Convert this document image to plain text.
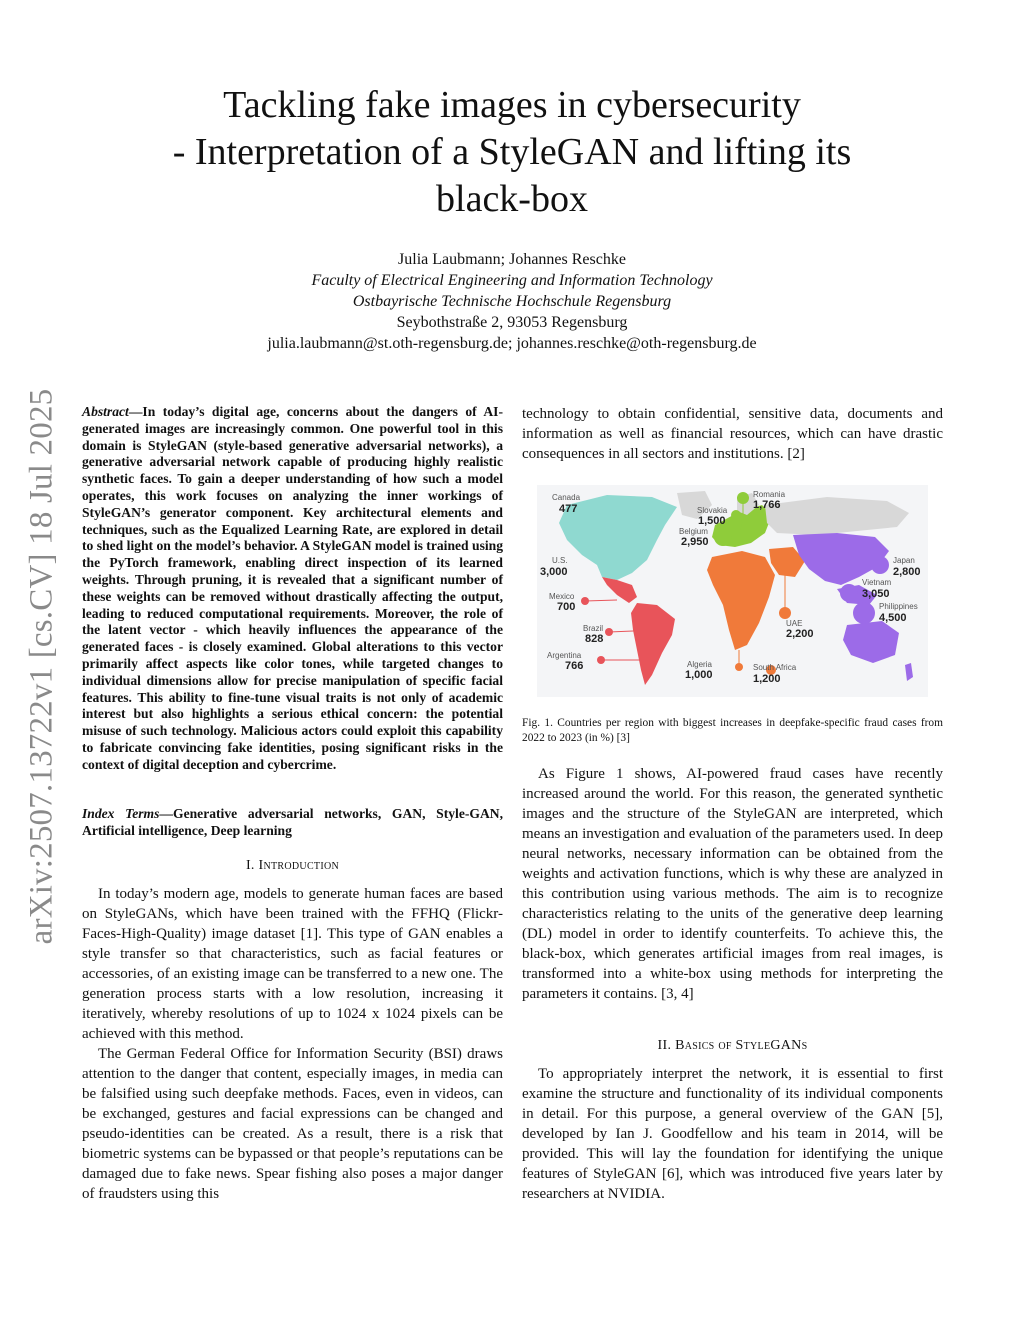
arXiv:2507.13722v1 [cs.CV] 18 Jul 2025
Tackling fake images in cybersecurity
- Interpretation of a StyleGAN and lifting its
black-box
Julia Laubmann; Johannes Reschke
Faculty of Electrical Engineering and Information Technology
Ostbayrische Technische Hochschule Regensburg
Seybothstraße 2, 93053 Regensburg
julia.laubmann@st.oth-regensburg.de; johannes.reschke@oth-regensburg.de

Abstract—In today’s digital age, concerns about the dangers of AI-generated images are increasingly common. One powerful tool in this domain is StyleGAN (style-based generative adversarial networks), a generative adversarial network capable of producing highly realistic synthetic faces. To gain a deeper understanding of how such a model operates, this work focuses on analyzing the inner workings of StyleGAN’s generator component. Key architectural elements and techniques, such as the Equalized Learning Rate, are explored in detail to shed light on the model’s behavior. A StyleGAN model is trained using the PyTorch framework, enabling direct inspection of its learned weights. Through pruning, it is revealed that a significant number of these weights can be removed without drastically affecting the output, leading to reduced computational requirements. Moreover, the role of the latent vector - which heavily influences the appearance of the generated faces - is closely examined. Global alterations to this vector primarily affect aspects like color tones, while targeted changes to individual dimensions allow for precise manipulation of specific facial features. This ability to fine-tune visual traits is not only of academic interest but also highlights a serious ethical concern: the potential misuse of such technology. Malicious actors could exploit this capability to fabricate convincing fake identities, posing significant risks in the context of digital deception and cybercrime.

Index Terms—Generative adversarial networks, GAN, Style-GAN, Artificial intelligence, Deep learning

I. Introduction

In today’s modern age, models to generate human faces are based on StyleGANs, which have been trained with the FFHQ (Flickr-Faces-High-Quality) image dataset [1]. This type of GAN enables a style transfer so that characteristics, such as facial features or accessories, of an existing image can be transferred to a new one. The generation process starts with a low resolution, increasing it iteratively, whereby resolutions of up to 1024 x 1024 pixels can be achieved with this method.

The German Federal Office for Information Security (BSI) draws attention to the danger that content, especially images, in media can be falsified using such deepfake methods. Faces, even in videos, can be exchanged, gestures and facial expressions can be changed and pseudo-identities can be created. As a result, there is a risk that biometric systems can be bypassed or that people’s reputations can be damaged due to fake news. Spear fishing also poses a major danger of fraudsters using this

technology to obtain confidential, sensitive data, documents and information as well as financial resources, which can have drastic consequences in all sectors and institutions. [2]

Canada
477
U.S.
3,000
Mexico
700
Brazil
828
Argentina
766
Slovakia
1,500
Belgium
2,950
Romania
1,766
Algeria
1,000
South Africa
1,200
UAE
2,200
Japan
2,800
Vietnam
3,050
Philippines
4,500
Fig. 1. Countries per region with biggest increases in deepfake-specific fraud cases from 2022 to 2023 (in %) [3]

As Figure 1 shows, AI-powered fraud cases have recently increased around the world. For this reason, the generated synthetic images and the structure of the StyleGAN are interpreted, which means an investigation and evaluation of the parameters used. In deep neural networks, necessary information can be obtained from the weights and activation functions, which is why these are analyzed in this contribution using various methods. The aim is to recognize characteristics relating to the units of the generative deep learning (DL) model in order to identify counterfeits. To achieve this, the black-box, which generates artificial images from real images, is transformed into a white-box using methods for interpreting the parameters it contains. [3, 4]

II. Basics of StyleGANs

To appropriately interpret the network, it is essential to first examine the structure and functionality of its individual components in detail. For this purpose, a general overview of the GAN [5], developed by Ian J. Goodfellow and his team in 2014, will be provided. This will lay the foundation for identifying the unique features of StyleGAN [6], which was introduced five years later by researchers at NVIDIA.
